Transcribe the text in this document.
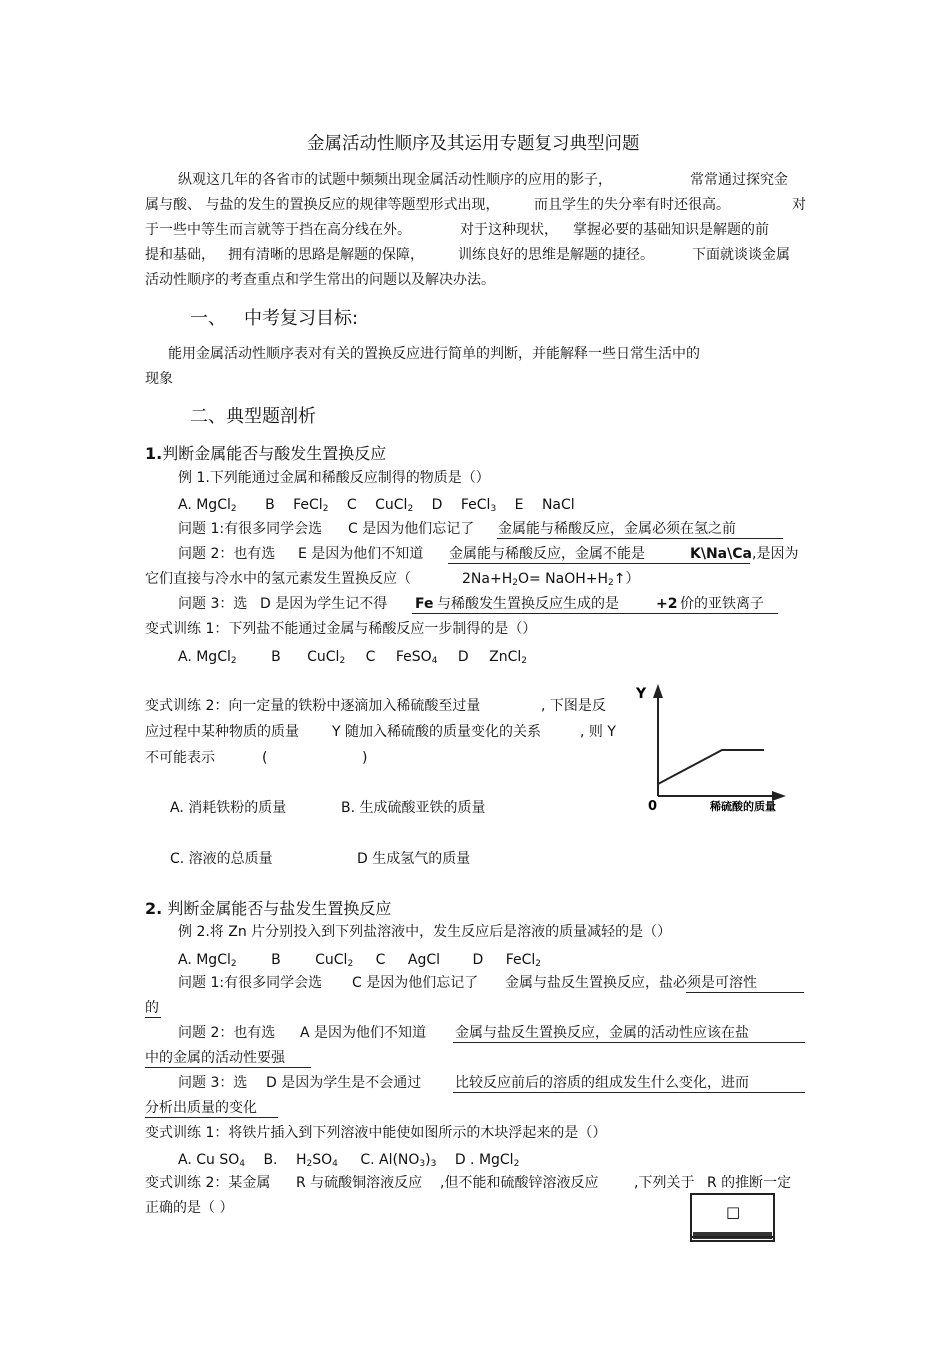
金属活动性顺序及其运用专题复习典型问题
纵观这几年的各省市的试题中频频出现金属活动性顺序的应用的影子，	常常通过探究金
属与酸、 与盐的发生的置换反应的规律等题型形式出现， 而且学生的失分率有时还很高。	对
于一些中等生而言就等于挡在高分线在外。	对于这种现状， 掌握必要的基础知识是解题的前
提和基础， 拥有清晰的思路是解题的保障， 训练良好的思维是解题的捷径。	下面就谈谈金属
活动性顺序的考查重点和学生常出的问题以及解决办法。
一、 中考复习目标:
能用金属活动性顺序表对有关的置换反应进行简单的判断，并能解释一些日常生活中的
现象
二、典型题剖析
1.判断金属能否与酸发生置换反应
例 1.下列能通过金属和稀酸反应制得的物质是（）
A. MgCl$_2$ B FeCl$_2$ C CuCl$_2$ D FeCl$_3$ E NaCl
问题 1:有很多同学会选 C 是因为他们忘记了 金属能与稀酸反应，金属必须在氢之前
问题 2：也有选 E 是因为他们不知道 金属能与稀酸反应，金属不能是	K\Na\Ca ,是因为
它们直接与冷水中的氢元素发生置换反应（	$2Na+H_2O=$ $NaOH+H_2↑$）
问题 3：选 D 是因为学生记不得 Fe 与稀酸发生置换反应生成的是	+2 价的亚铁离子
变式训练 1：下列盐不能通过金属与稀酸反应一步制得的是（）
A. MgCl$_2$ B CuCl$_2$ C FeSO$_4$ D ZnCl$_2$
变式训练 2：向一定量的铁粉中逐滴加入稀硫酸至过量	, 下图是反
应过程中某种物质的质量 Y 随加入稀硫酸的质量变化的关系	, 则 Y
不可能表示	(	)
A. 消耗铁粉的质量	B. 生成硫酸亚铁的质量
C. 溶液的总质量	D 生成氢气的质量
Y
0	稀硫酸的质量
2. 判断金属能否与盐发生置换反应
例 2.将 Zn 片分别投入到下列盐溶液中，发生反应后是溶液的质量减轻的是（）
A. MgCl$_2$ B CuCl$_2$ C AgCl D FeCl$_2$
问题 1:有很多同学会选 C 是因为他们忘记了 金属与盐反生置换反应，盐必须是可溶性
的
问题 2：也有选 A 是因为他们不知道 金属与盐反生置换反应，金属的活动性应该在盐
中的金属的活动性要强
问题 3：选 D 是因为学生是不会通过 比较反应前后的溶质的组成发生什么变化，进而
分析出质量的变化
变式训练 1：将铁片插入到下列溶液中能使如图所示的木块浮起来的是（）
A. Cu $SO_4$ B. $H_2SO_4$ C. $Al(NO_3)_3$ D . MgCl$_2$
变式训练 2：某金属 R 与硫酸铜溶液反应 ,但不能和硫酸锌溶液反应	,下列关于 R 的推断一定
正确的是（ ）	□
